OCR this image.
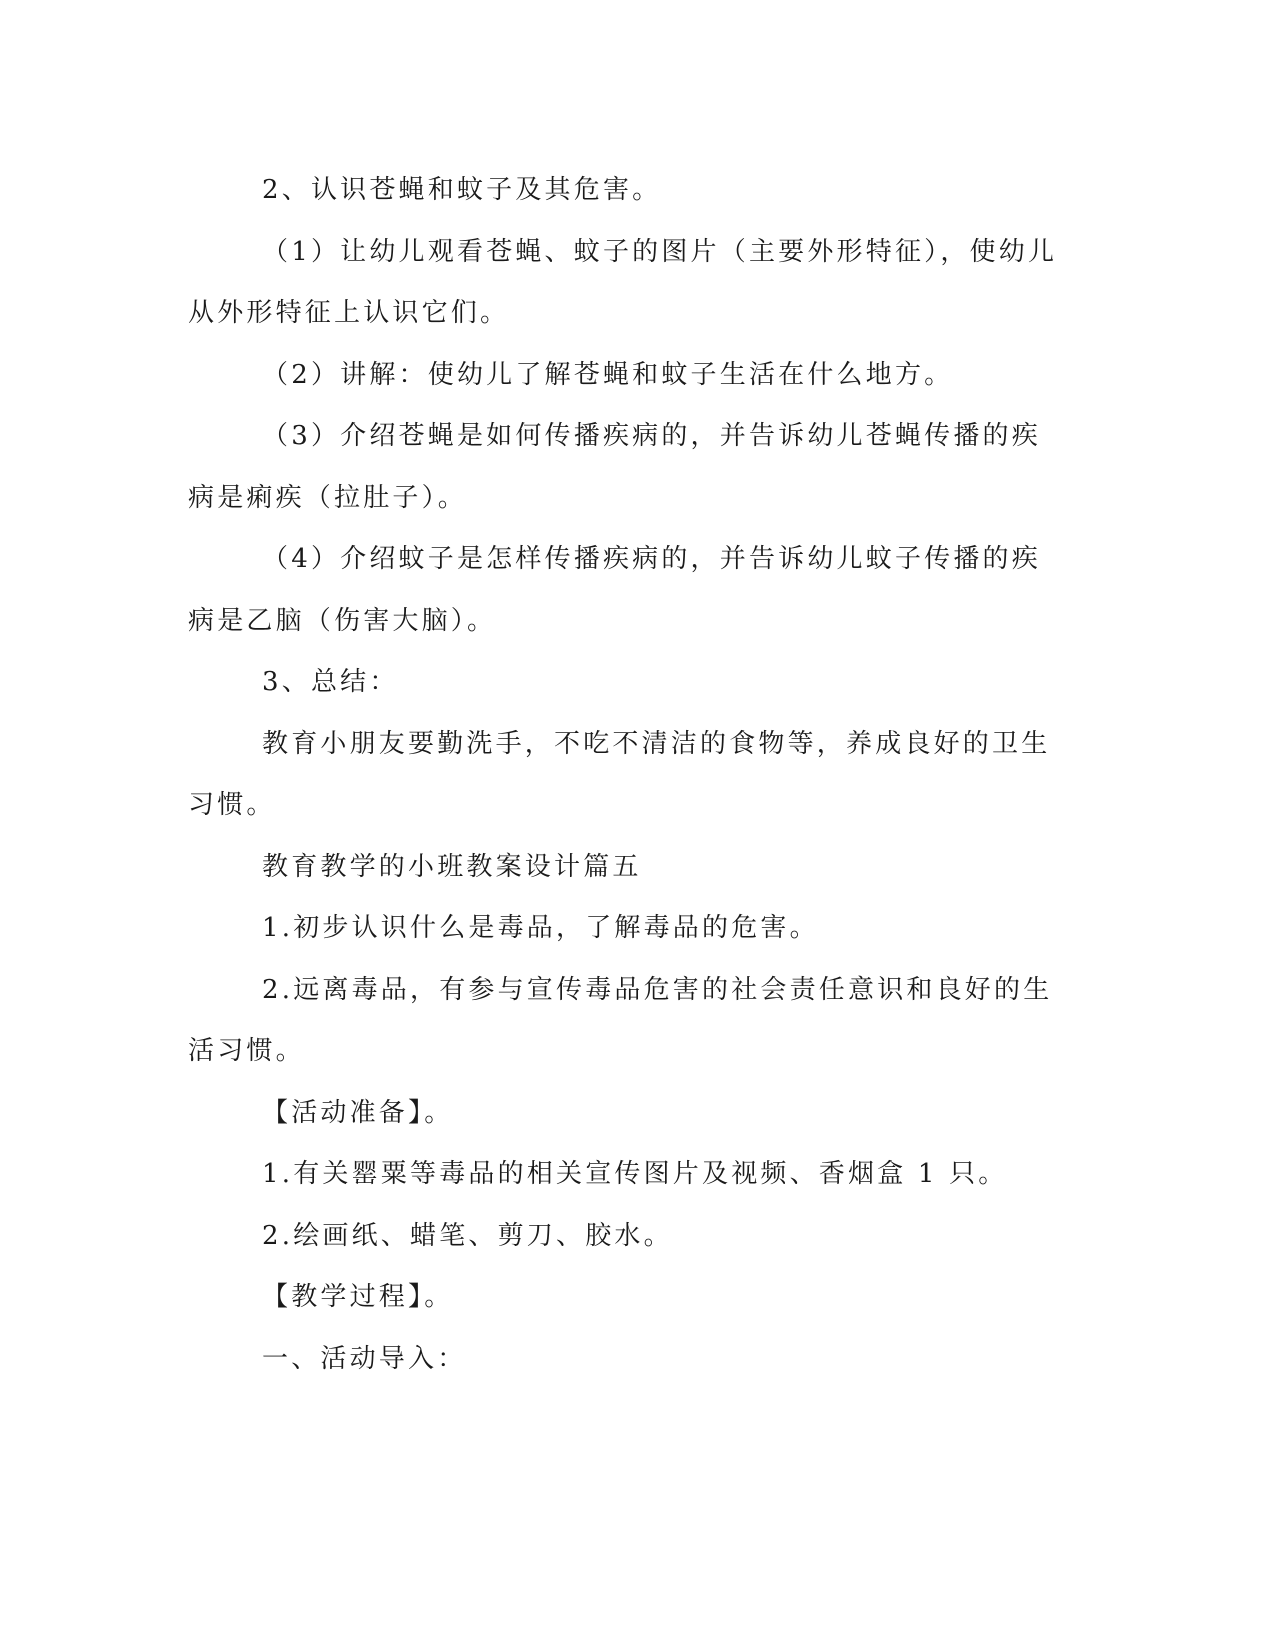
2、认识苍蝇和蚊子及其危害。

（1）让幼儿观看苍蝇、蚊子的图片（主要外形特征），使幼儿从外形特征上认识它们。

（2）讲解：使幼儿了解苍蝇和蚊子生活在什么地方。

（3）介绍苍蝇是如何传播疾病的，并告诉幼儿苍蝇传播的疾病是痢疾（拉肚子）。

（4）介绍蚊子是怎样传播疾病的，并告诉幼儿蚊子传播的疾病是乙脑（伤害大脑）。

3、总结：

教育小朋友要勤洗手，不吃不清洁的食物等，养成良好的卫生习惯。

教育教学的小班教案设计篇五

1.初步认识什么是毒品，了解毒品的危害。

2.远离毒品，有参与宣传毒品危害的社会责任意识和良好的生活习惯。

【活动准备】。

1.有关罂粟等毒品的相关宣传图片及视频、香烟盒 1 只。

2.绘画纸、蜡笔、剪刀、胶水。

【教学过程】。

一、活动导入：
